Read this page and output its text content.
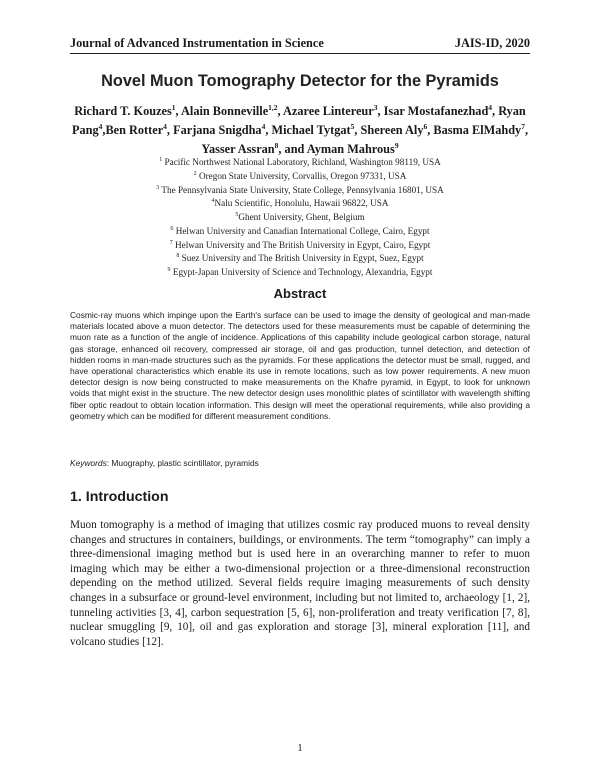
Journal of Advanced Instrumentation in Science	JAIS-ID, 2020
Novel Muon Tomography Detector for the Pyramids
Richard T. Kouzes$^1$, Alain Bonneville$^{1,2}$, Azaree Lintereur$^3$, Isar Mostafanezhad$^4$, Ryan Pang$^4$,Ben Rotter$^4$, Farjana Snigdha$^4$, Michael Tytgat$^5$, Shereen Aly$^6$, Basma ElMahdy$^7$, Yasser Assran$^8$, and Ayman Mahrous$^9$
$^1$ Pacific Northwest National Laboratory, Richland, Washington 98119, USA
$^2$ Oregon State University, Corvallis, Oregon 97331, USA
$^3$ The Pennsylvania State University, State College, Pennsylvania 16801, USA
$^4$Nalu Scientific, Honolulu, Hawaii 96822, USA
$^5$Ghent University, Ghent, Belgium
$^6$ Helwan University and Canadian International College, Cairo, Egypt
$^7$ Helwan University and The British University in Egypt, Cairo, Egypt
$^8$ Suez University and The British University in Egypt, Suez, Egypt
$^9$ Egypt-Japan University of Science and Technology, Alexandria, Egypt
Abstract
Cosmic-ray muons which impinge upon the Earth's surface can be used to image the density of geological and man-made materials located above a muon detector. The detectors used for these measurements must be capable of determining the muon rate as a function of the angle of incidence. Applications of this capability include geological carbon storage, natural gas storage, enhanced oil recovery, compressed air storage, oil and gas production, tunnel detection, and detection of hidden rooms in man-made structures such as the pyramids. For these applications the detector must be small, rugged, and have operational characteristics which enable its use in remote locations, such as low power requirements. A new muon detector design is now being constructed to make measurements on the Khafre pyramid, in Egypt, to look for unknown voids that might exist in the structure. The new detector design uses monolithic plates of scintillator with wavelength shifting fiber optic readout to obtain location information. This design will meet the operational requirements, while also providing a geometry which can be modified for different measurement conditions.
Keywords: Muography, plastic scintillator, pyramids
1. Introduction
Muon tomography is a method of imaging that utilizes cosmic ray produced muons to reveal density changes and structures in containers, buildings, or environments. The term “tomography” can imply a three-dimensional imaging method but is used here in an overarching manner to refer to muon imaging which may be either a two-dimensional projection or a three-dimensional reconstruction depending on the method utilized. Several fields require imaging measurements of such density changes in a subsurface or ground-level environment, including but not limited to, archaeology [1, 2], tunneling activities [3, 4], carbon sequestration [5, 6], non-proliferation and treaty verification [7, 8], nuclear smuggling [9, 10], oil and gas exploration and storage [3], mineral exploration [11], and volcano studies [12].
1
